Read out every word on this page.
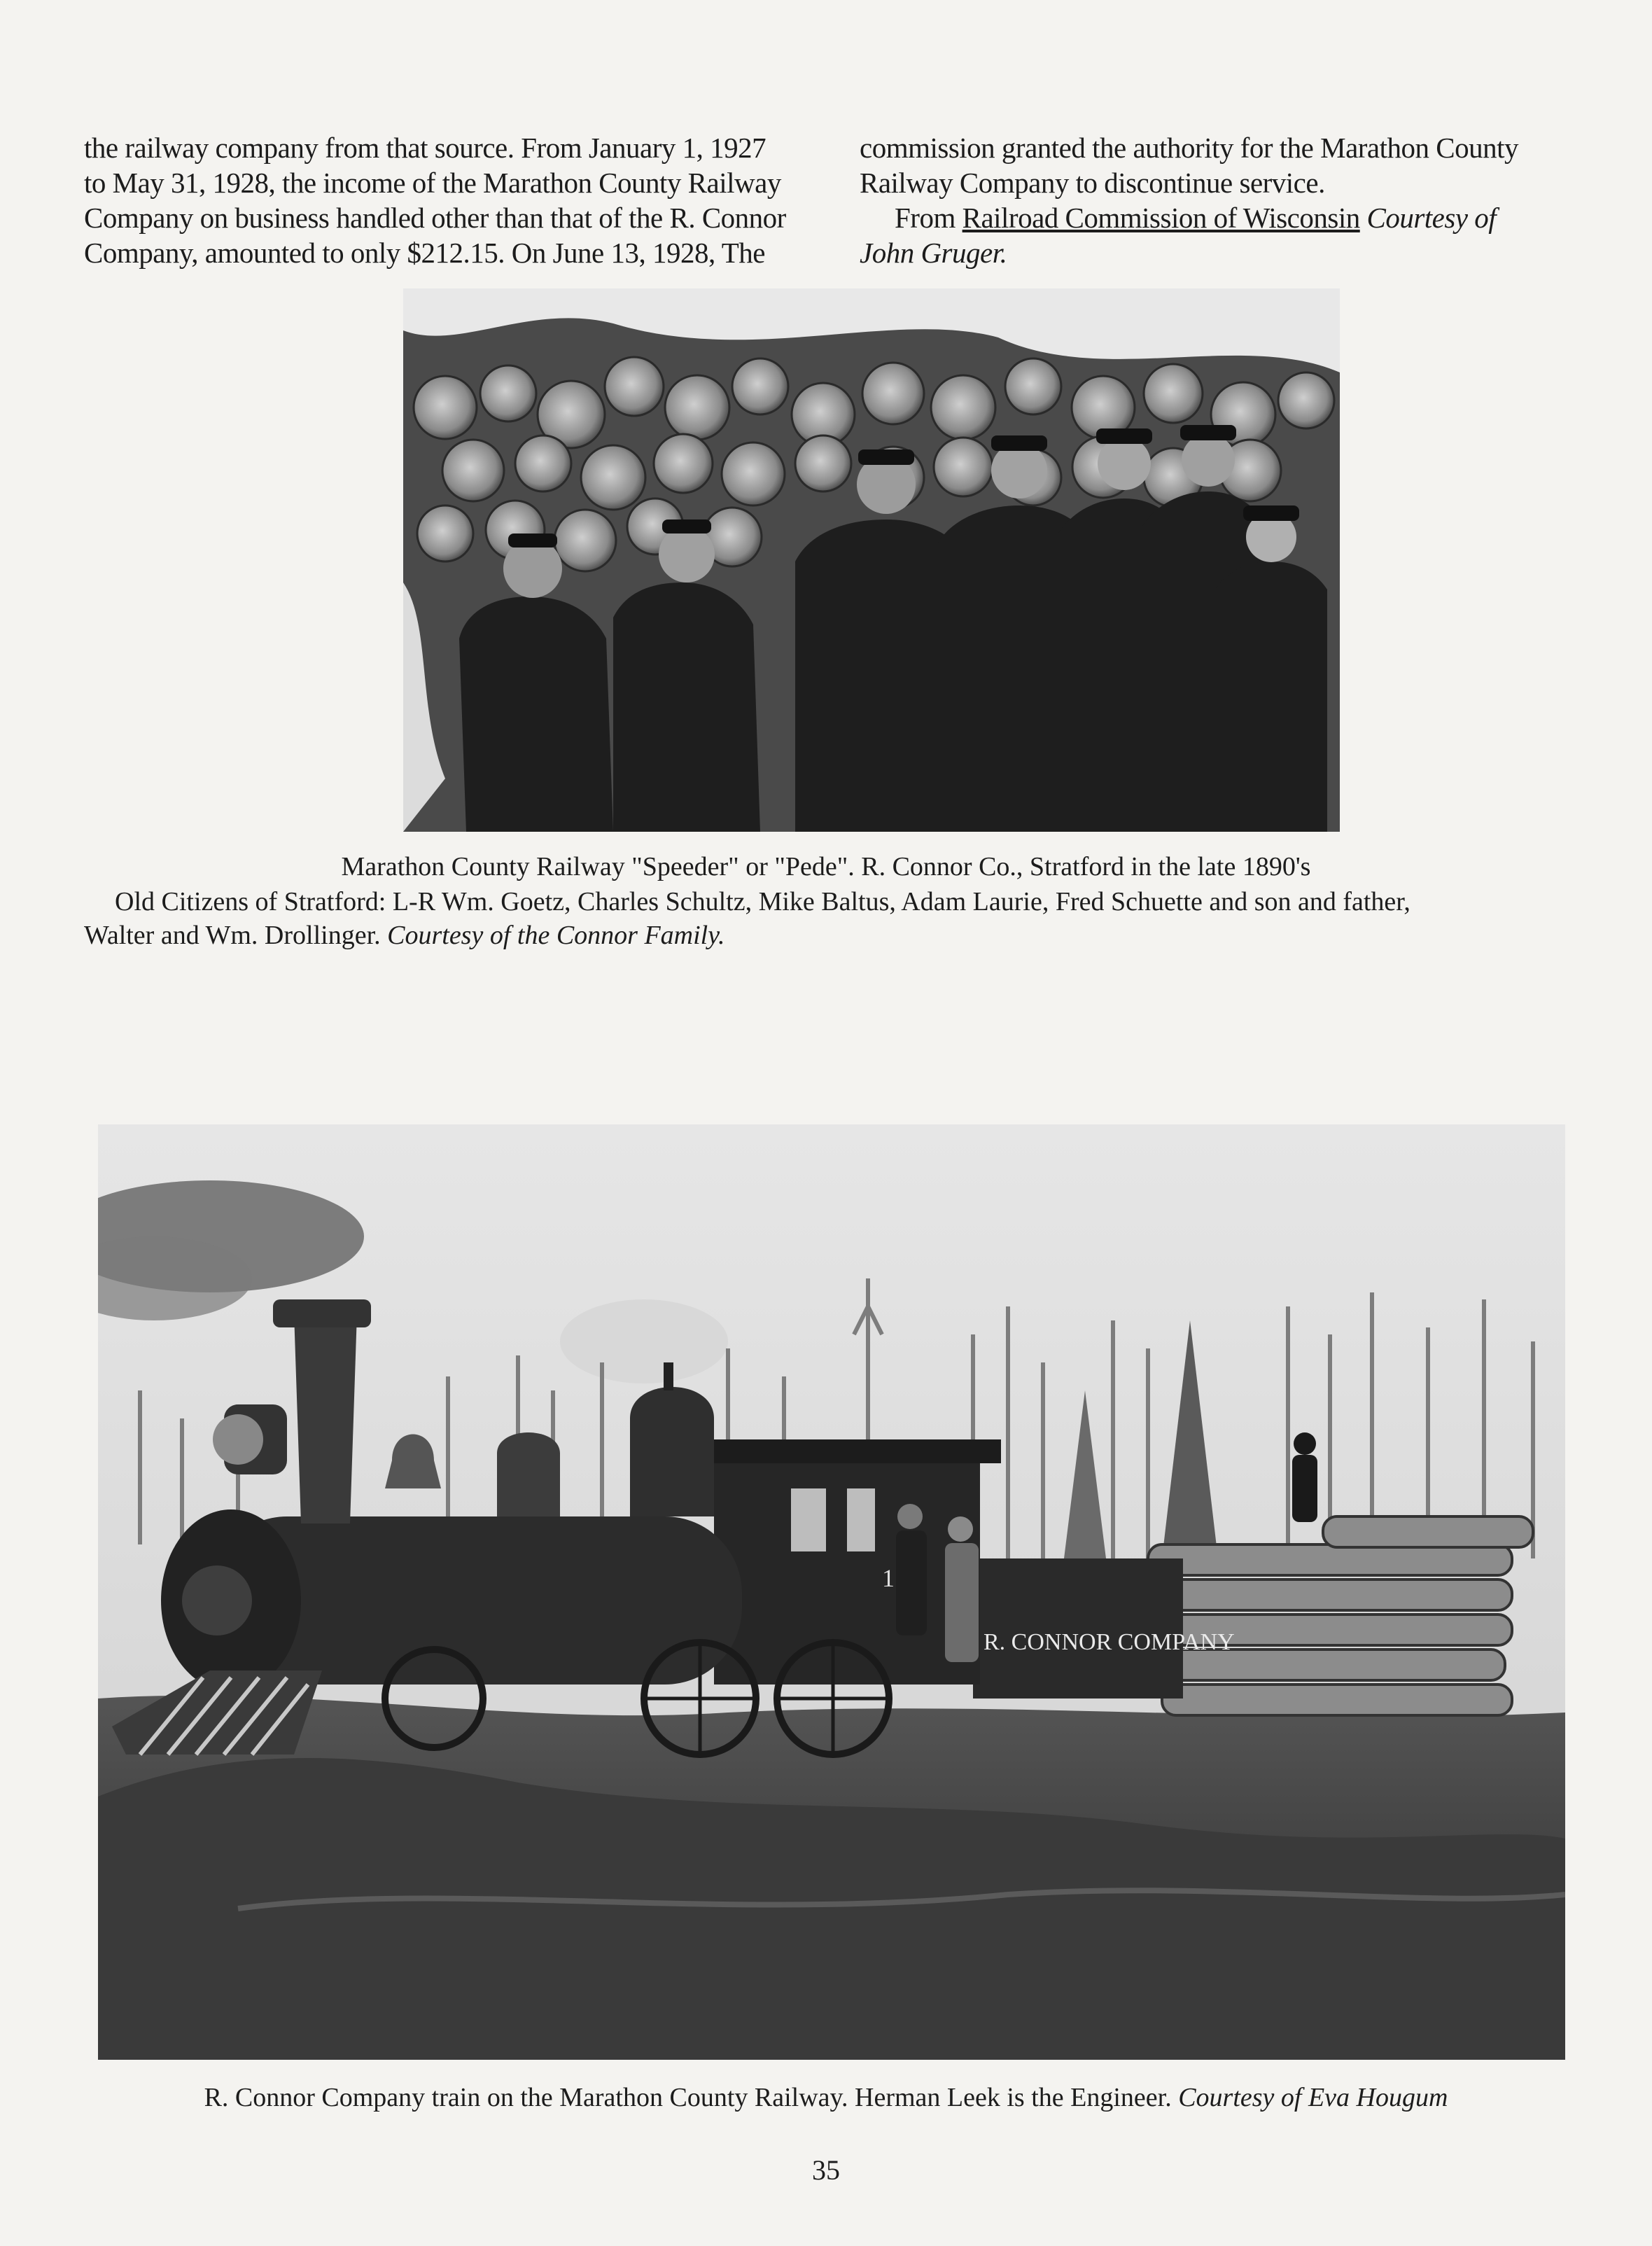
the railway company from that source. From January 1, 1927

to May 31, 1928, the income of the Marathon County Railway

Company on business handled other than that of the R. Connor

Company, amounted to only $212.15. On June 13, 1928, The

commission granted the authority for the Marathon County

Railway Company to discontinue service.

From Railroad Commission of Wisconsin Courtesy of

John Gruger.

Marathon County Railway "Speeder" or "Pede". R. Connor Co., Stratford in the late 1890's
Old Citizens of Stratford: L-R Wm. Goetz, Charles Schultz, Mike Baltus, Adam Laurie, Fred Schuette and son and father,
Walter and Wm. Drollinger. Courtesy of the Connor Family.
R. CONNOR COMPANY
1
R. Connor Company train on the Marathon County Railway. Herman Leek is the Engineer. Courtesy of Eva Hougum
35
